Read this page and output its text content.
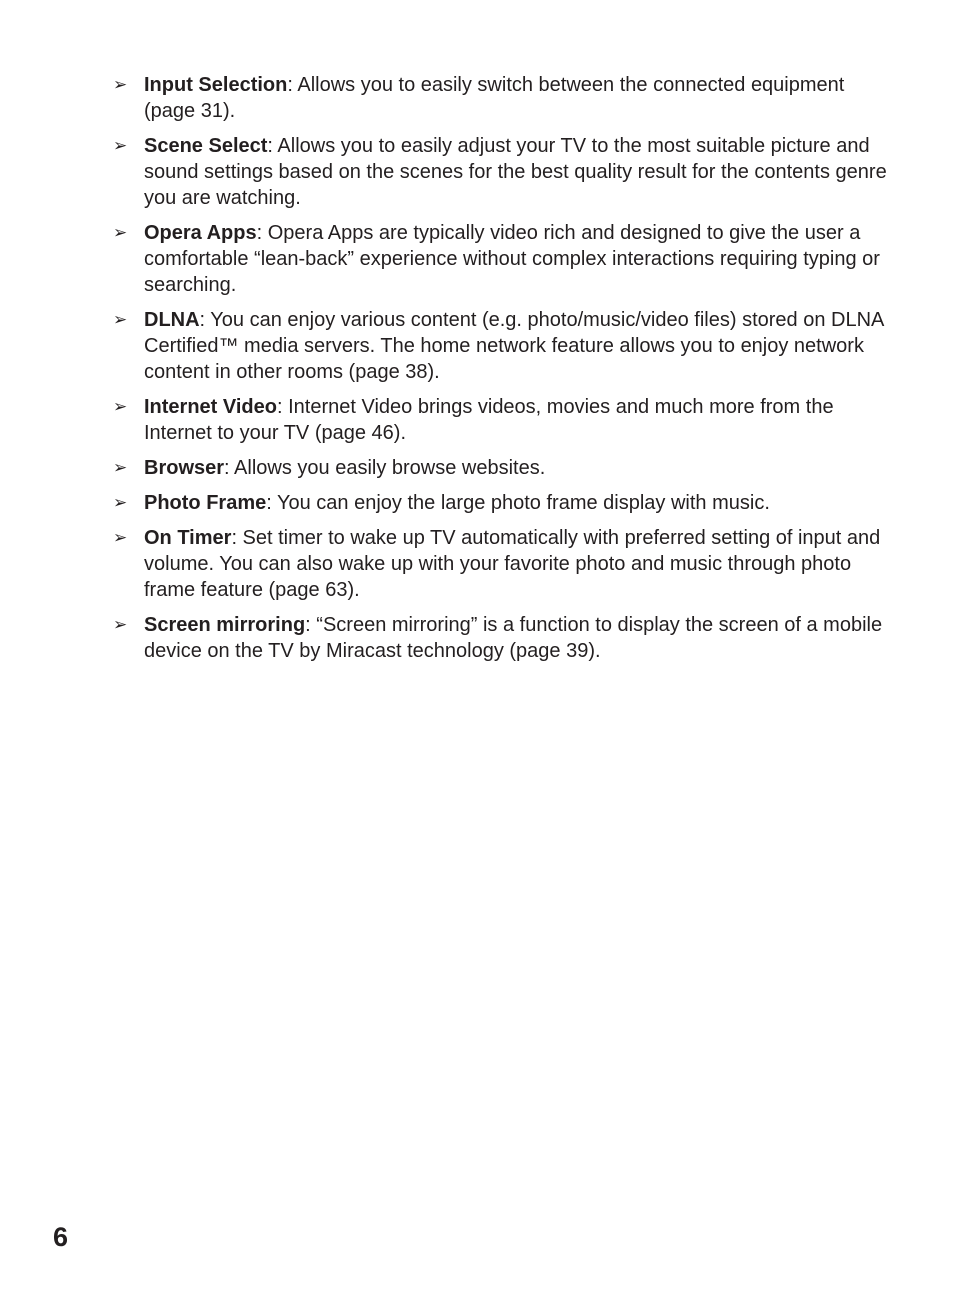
➢ Input Selection: Allows you to easily switch between the connected equipment (page 31).
➢ Scene Select: Allows you to easily adjust your TV to the most suitable picture and sound settings based on the scenes for the best quality result for the contents genre you are watching.
➢ Opera Apps: Opera Apps are typically video rich and designed to give the user a comfortable “lean-back” experience without complex interactions requiring typing or searching.
➢ DLNA: You can enjoy various content (e.g. photo/music/video files) stored on DLNA Certified™ media servers. The home network feature allows you to enjoy network content in other rooms (page 38).
➢ Internet Video: Internet Video brings videos, movies and much more from the Internet to your TV (page 46).
➢ Browser: Allows you easily browse websites.
➢ Photo Frame: You can enjoy the large photo frame display with music.
➢ On Timer: Set timer to wake up TV automatically with preferred setting of input and volume. You can also wake up with your favorite photo and music through photo frame feature (page 63).
➢ Screen mirroring: “Screen mirroring” is a function to display the screen of a mobile device on the TV by Miracast technology (page 39).
6
